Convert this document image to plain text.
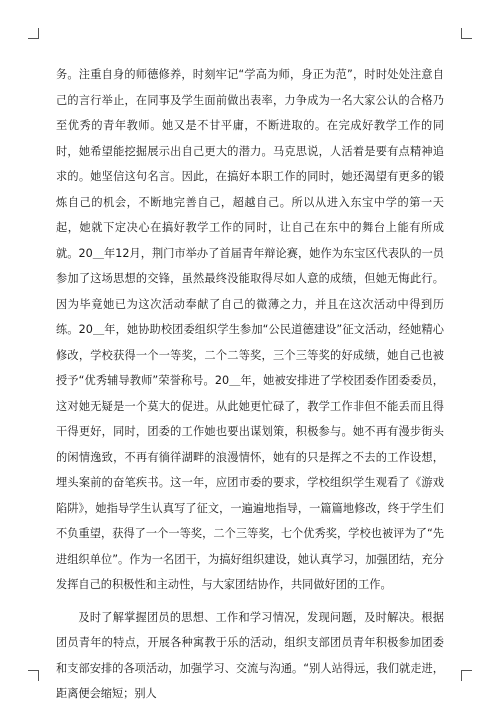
务。注重自身的师德修养，时刻牢记“学高为师，身正为范”，时时处处注意自己的言行举止，在同事及学生面前做出表率，力争成为一名大家公认的合格乃至优秀的青年教师。她又是不甘平庸，不断进取的。在完成好教学工作的同时，她希望能挖掘展示出自己更大的潜力。马克思说，人活着是要有点精神追求的。她坚信这句名言。因此，在搞好本职工作的同时，她还渴望有更多的锻炼自己的机会，不断地完善自己，超越自己。所以从进入东宝中学的第一天起，她就下定决心在搞好教学工作的同时，让自己在东中的舞台上能有所成就。20＿年12月，荆门市举办了首届青年辩论赛，她作为东宝区代表队的一员参加了这场思想的交锋，虽然最终没能取得尽如人意的成绩，但她无悔此行。因为毕竟她已为这次活动奉献了自己的微薄之力，并且在这次活动中得到历练。20＿年，她协助校团委组织学生参加“公民道德建设”征文活动，经她精心修改，学校获得一个一等奖，二个二等奖，三个三等奖的好成绩，她自己也被授予“优秀辅导教师”荣誉称号。20＿年，她被安排进了学校团委作团委委员，这对她无疑是一个莫大的促进。从此她更忙碌了，教学工作非但不能丢而且得干得更好，同时，团委的工作她也要出谋划策，积极参与。她不再有漫步街头的闲情逸致，不再有徜徉湖畔的浪漫情怀，她有的只是挥之不去的工作设想，埋头案前的奋笔疾书。这一年，应团市委的要求，学校组织学生观看了《游戏陷阱》，她指导学生认真写了征文，一遍遍地指导，一篇篇地修改，终于学生们不负重望，获得了一个一等奖，二个三等奖，七个优秀奖，学校也被评为了“先进组织单位”。作为一名团干，为搞好组织建设，她认真学习，加强团结，充分发挥自己的积极性和主动性，与大家团结协作，共同做好团的工作。

及时了解掌握团员的思想、工作和学习情况，发现问题，及时解决。根据团员青年的特点，开展各种寓教于乐的活动，组织支部团员青年积极参加团委和支部安排的各项活动，加强学习、交流与沟通。“别人站得远，我们就走进，距离便会缩短；别人
